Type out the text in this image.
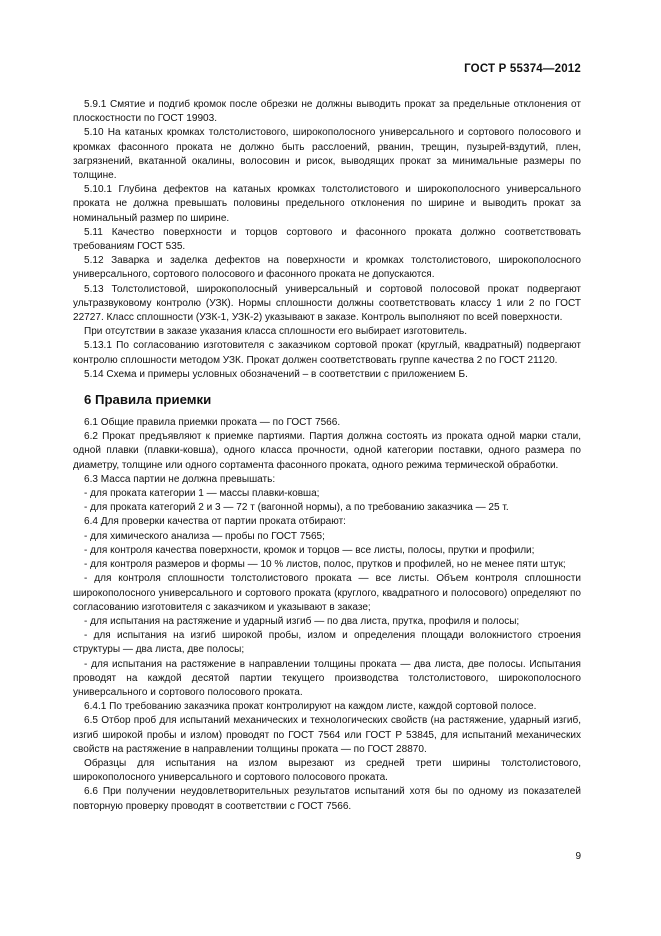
ГОСТ Р 55374—2012

5.9.1 Смятие и подгиб кромок после обрезки не должны выводить прокат за предельные отклонения от плоскостности по ГОСТ 19903.

5.10 На катаных кромках толстолистового, широкополосного универсального и сортового полосового и кромках фасонного проката не должно быть расслоений, рванин, трещин, пузырей-вздутий, плен, загрязнений, вкатанной окалины, волосовин и рисок, выводящих прокат за минимальные размеры по толщине.

5.10.1 Глубина дефектов на катаных кромках толстолистового и широкополосного универсального проката не должна превышать половины предельного отклонения по ширине и выводить прокат за номинальный размер по ширине.

5.11 Качество поверхности и торцов сортового и фасонного проката должно соответствовать требованиям ГОСТ 535.

5.12 Заварка и заделка дефектов на поверхности и кромках толстолистового, широкополосного универсального, сортового полосового и фасонного проката не допускаются.

5.13 Толстолистовой, широкополосный универсальный и сортовой полосовой прокат подвергают ультразвуковому контролю (УЗК). Нормы сплошности должны соответствовать классу 1 или 2 по ГОСТ 22727. Класс сплошности (УЗК-1, УЗК-2) указывают в заказе. Контроль выполняют по всей поверхности.

При отсутствии в заказе указания класса сплошности его выбирает изготовитель.

5.13.1 По согласованию изготовителя с заказчиком сортовой прокат (круглый, квадратный) подвергают контролю сплошности методом УЗК. Прокат должен соответствовать группе качества 2 по ГОСТ 21120.

5.14 Схема и примеры условных обозначений – в соответствии с приложением Б.

6 Правила приемки

6.1 Общие правила приемки проката — по ГОСТ 7566.

6.2 Прокат предъявляют к приемке партиями. Партия должна состоять из проката одной марки стали, одной плавки (плавки-ковша), одного класса прочности, одной категории поставки, одного размера по диаметру, толщине или одного сортамента фасонного проката, одного режима термической обработки.

6.3 Масса партии не должна превышать:

- для проката категории 1 — массы плавки-ковша;

- для проката категорий 2 и 3 — 72 т (вагонной нормы), а по требованию заказчика — 25 т.

6.4 Для проверки качества от партии проката отбирают:

- для химического анализа — пробы по ГОСТ 7565;

- для контроля качества поверхности, кромок и торцов — все листы, полосы, прутки и профили;

- для контроля размеров и формы — 10 % листов, полос, прутков и профилей, но не менее пяти штук;

- для контроля сплошности толстолистового проката — все листы. Объем контроля сплошности широкополосного универсального и сортового проката (круглого, квадратного и полосового) определяют по согласованию изготовителя с заказчиком и указывают в заказе;

- для испытания на растяжение и ударный изгиб — по два листа, прутка, профиля и полосы;

- для испытания на изгиб широкой пробы, излом и определения площади волокнистого строения структуры — два листа, две полосы;

- для испытания на растяжение в направлении толщины проката — два листа, две полосы. Испытания проводят на каждой десятой партии текущего производства толстолистового, широкополосного универсального и сортового полосового проката.

6.4.1 По требованию заказчика прокат контролируют на каждом листе, каждой сортовой полосе.

6.5 Отбор проб для испытаний механических и технологических свойств (на растяжение, ударный изгиб, изгиб широкой пробы и излом) проводят по ГОСТ 7564 или ГОСТ Р 53845, для испытаний механических свойств на растяжение в направлении толщины проката — по ГОСТ 28870.

Образцы для испытания на излом вырезают из средней трети ширины толстолистового, широкополосного универсального и сортового полосового проката.

6.6 При получении неудовлетворительных результатов испытаний хотя бы по одному из показателей повторную проверку проводят в соответствии с ГОСТ 7566.

9
